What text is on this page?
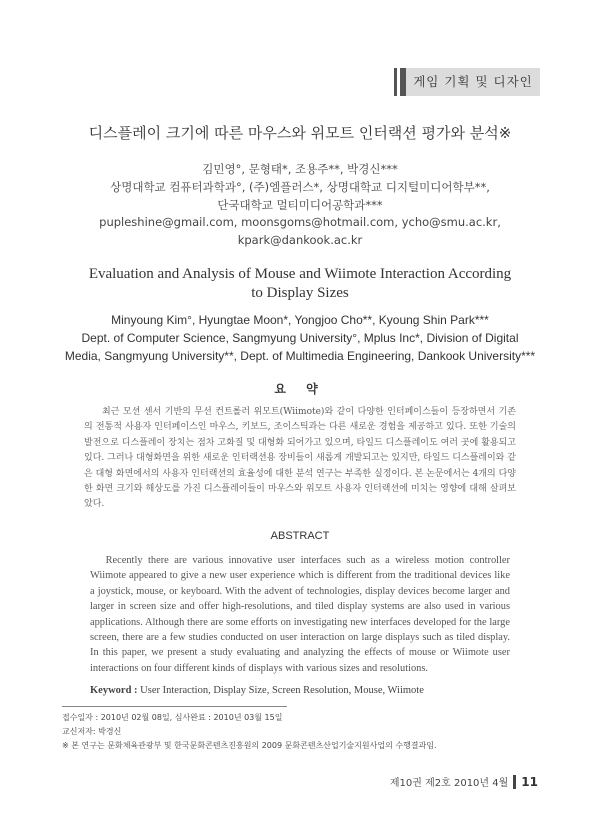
게임 기획 및 디자인
디스플레이 크기에 따른 마우스와 위모트 인터랙션 평가와 분석※
김민영°, 문형태*, 조용주**, 박경신***
상명대학교 컴퓨터과학과°, (주)엠플러스*, 상명대학교 디지털미디어학부**,
단국대학교 멀티미디어공학과***
pupleshine@gmail.com, moonsgoms@hotmail.com, ycho@smu.ac.kr,
kpark@dankook.ac.kr
Evaluation and Analysis of Mouse and Wiimote Interaction According
to Display Sizes
Minyoung Kim°, Hyungtae Moon*, Yongjoo Cho**, Kyoung Shin Park***
Dept. of Computer Science, Sangmyung University°, Mplus Inc*, Division of Digital
Media, Sangmyung University**, Dept. of Multimedia Engineering, Dankook University***
요 약
최근 모션 센서 기반의 무선 컨트롤러 위모트(Wiimote)와 같이 다양한 인터페이스들이 등장하면서 기존의 전통적 사용자 인터페이스인 마우스, 키보드, 조이스틱과는 다른 새로운 경험을 제공하고 있다. 또한 기술의 발전으로 디스플레이 장치는 점차 고화질 및 대형화 되어가고 있으며, 타일드 디스플레이도 여러 곳에 활용되고 있다. 그러나 대형화면을 위한 새로운 인터랙션용 장비들이 새롭게 개발되고는 있지만, 타일드 디스플레이와 같은 대형 화면에서의 사용자 인터랙션의 효율성에 대한 분석 연구는 부족한 실정이다. 본 논문에서는 4개의 다양한 화면 크기와 해상도를 가진 디스플레이들이 마우스와 위모트 사용자 인터랙션에 미치는 영향에 대해 살펴보았다.
ABSTRACT
Recently there are various innovative user interfaces such as a wireless motion controller Wiimote appeared to give a new user experience which is different from the traditional devices like a joystick, mouse, or keyboard. With the advent of technologies, display devices become larger and larger in screen size and offer high-resolutions, and tiled display systems are also used in various applications. Although there are some efforts on investigating new interfaces developed for the large screen, there are a few studies conducted on user interaction on large displays such as tiled display. In this paper, we present a study evaluating and analyzing the effects of mouse or Wiimote user interactions on four different kinds of displays with various sizes and resolutions.
Keyword : User Interaction, Display Size, Screen Resolution, Mouse, Wiimote
접수일자 : 2010년 02월 08일, 심사완료 : 2010년 03월 15일
교신저자: 박경신
※ 본 연구는 문화체육관광부 및 한국문화콘텐츠진흥원의 2009 문화콘텐츠산업기술지원사업의 수행결과임.
제10권 제2호 2010년 4월 11
